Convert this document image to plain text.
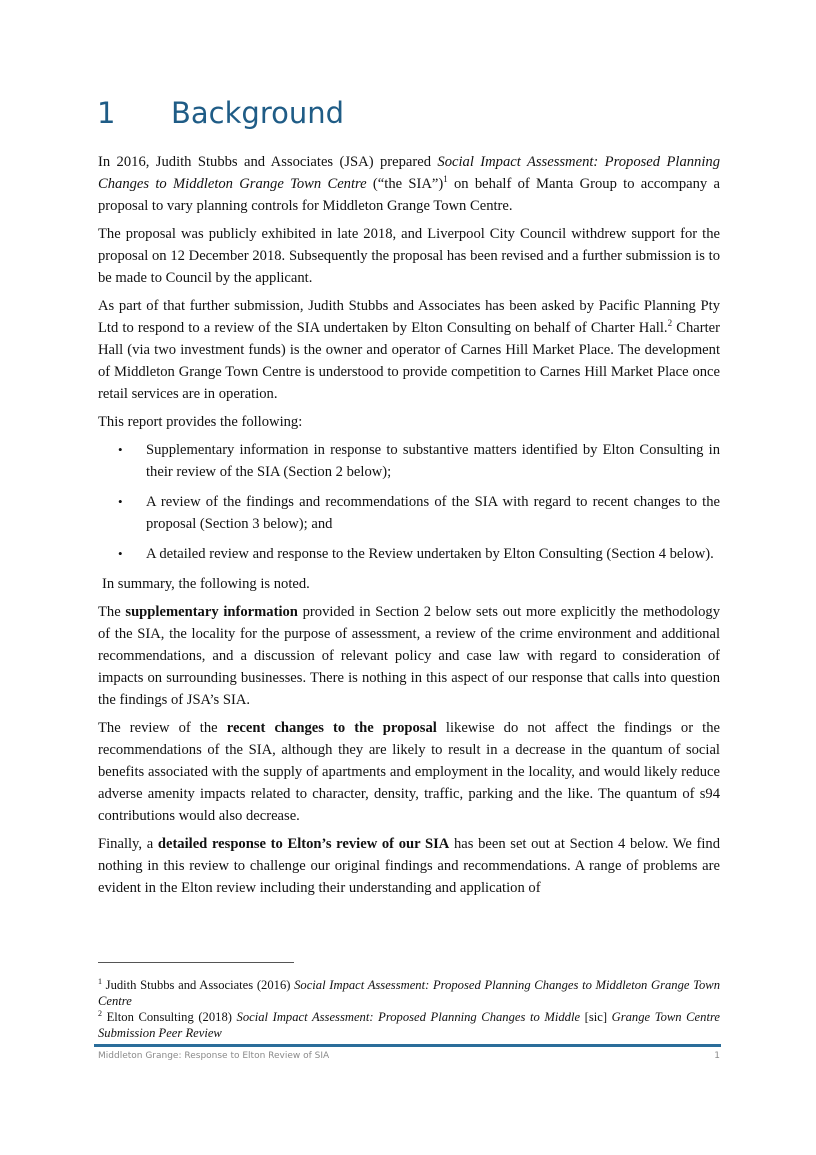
1 Background

In 2016, Judith Stubbs and Associates (JSA) prepared Social Impact Assessment: Proposed Planning Changes to Middleton Grange Town Centre (“the SIA”)$^1$ on behalf of Manta Group to accompany a proposal to vary planning controls for Middleton Grange Town Centre.

The proposal was publicly exhibited in late 2018, and Liverpool City Council withdrew support for the proposal on 12 December 2018. Subsequently the proposal has been revised and a further submission is to be made to Council by the applicant.

As part of that further submission, Judith Stubbs and Associates has been asked by Pacific Planning Pty Ltd to respond to a review of the SIA undertaken by Elton Consulting on behalf of Charter Hall.$^2$ Charter Hall (via two investment funds) is the owner and operator of Carnes Hill Market Place. The development of Middleton Grange Town Centre is understood to provide competition to Carnes Hill Market Place once retail services are in operation.

This report provides the following:

• Supplementary information in response to substantive matters identified by Elton Consulting in their review of the SIA (Section 2 below);
• A review of the findings and recommendations of the SIA with regard to recent changes to the proposal (Section 3 below); and
• A detailed review and response to the Review undertaken by Elton Consulting (Section 4 below).

In summary, the following is noted.

The supplementary information provided in Section 2 below sets out more explicitly the methodology of the SIA, the locality for the purpose of assessment, a review of the crime environment and additional recommendations, and a discussion of relevant policy and case law with regard to consideration of impacts on surrounding businesses. There is nothing in this aspect of our response that calls into question the findings of JSA’s SIA.

The review of the recent changes to the proposal likewise do not affect the findings or the recommendations of the SIA, although they are likely to result in a decrease in the quantum of social benefits associated with the supply of apartments and employment in the locality, and would likely reduce adverse amenity impacts related to character, density, traffic, parking and the like. The quantum of s94 contributions would also decrease.

Finally, a detailed response to Elton’s review of our SIA has been set out at Section 4 below. We find nothing in this review to challenge our original findings and recommendations. A range of problems are evident in the Elton review including their understanding and application of

$^1$ Judith Stubbs and Associates (2016) Social Impact Assessment: Proposed Planning Changes to Middleton Grange Town Centre

$^2$ Elton Consulting (2018) Social Impact Assessment: Proposed Planning Changes to Middle [sic] Grange Town Centre Submission Peer Review

Middleton Grange: Response to Elton Review of SIA	1
